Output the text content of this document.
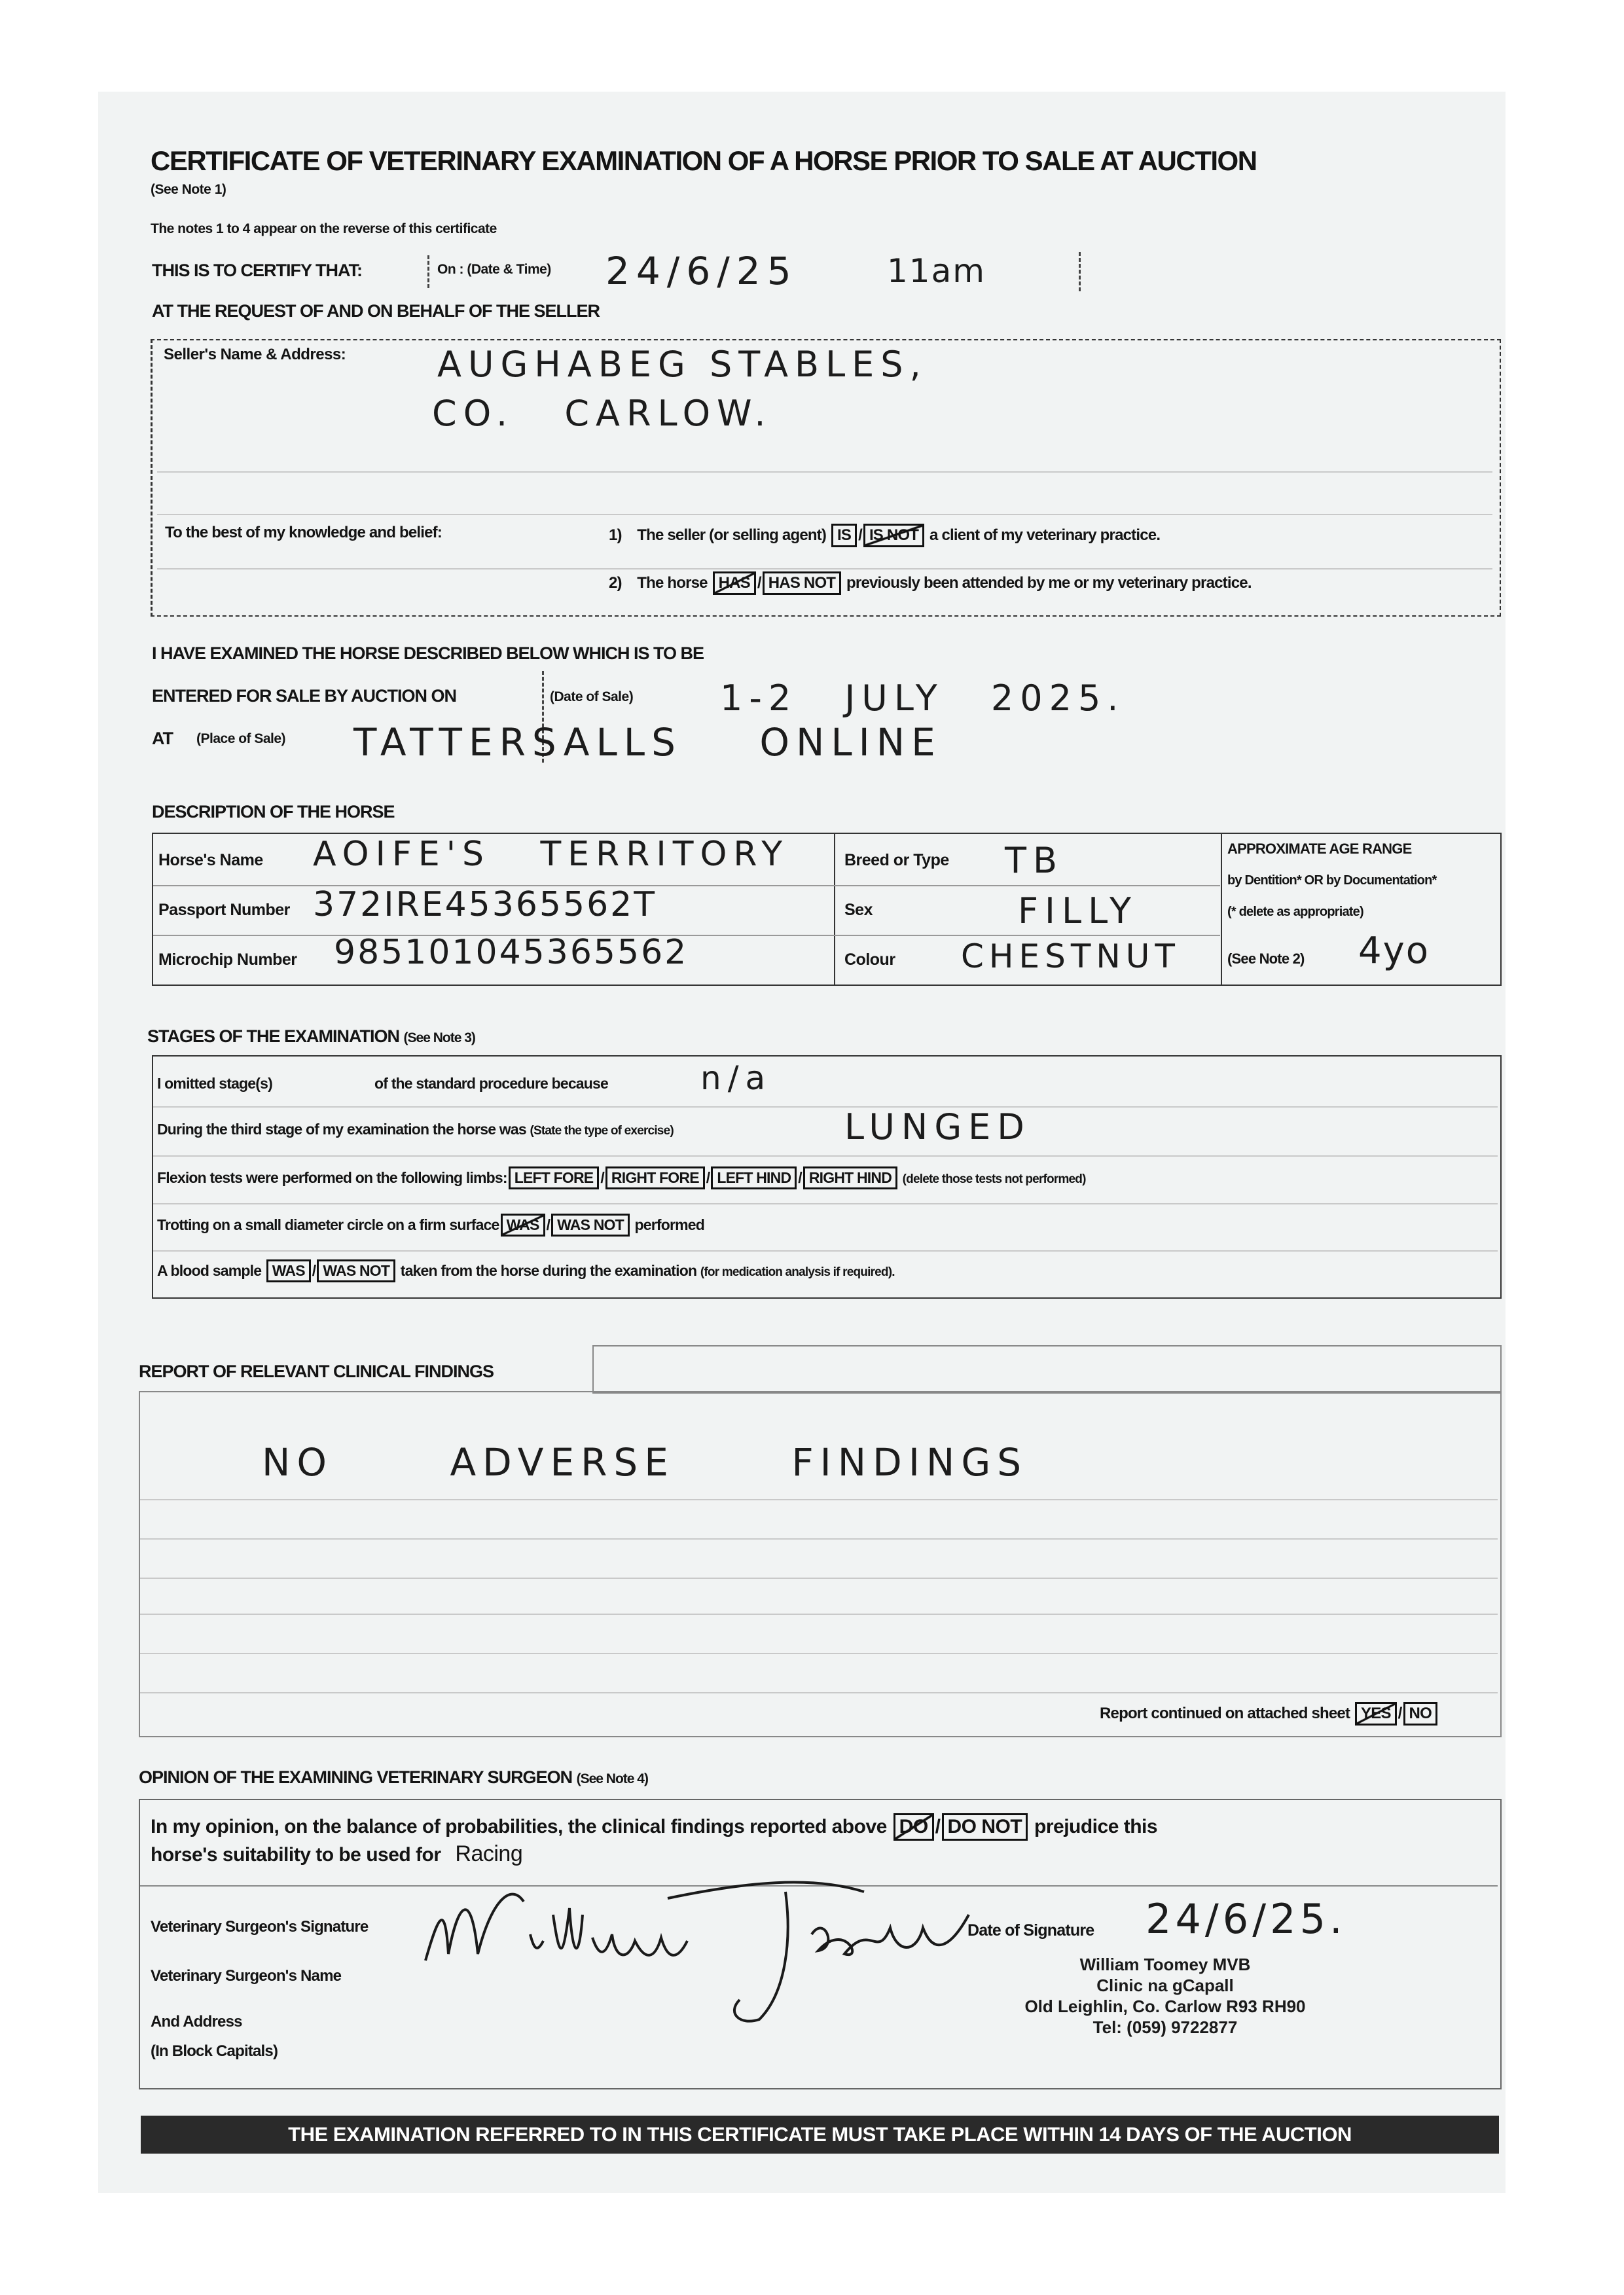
CERTIFICATE OF VETERINARY EXAMINATION OF A HORSE PRIOR TO SALE AT AUCTION
(See Note 1)
The notes 1 to 4 appear on the reverse of this certificate
THIS IS TO CERTIFY THAT:	On : (Date & Time) 24/6/25	11am
AT THE REQUEST OF AND ON BEHALF OF THE SELLER
Seller's Name & Address:	AUGHABEG STABLES,
CO. CARLOW.
To the best of my knowledge and belief:	1) The seller (or selling agent) IS / IS NOT a client of my veterinary practice.
2) The horse HAS / HAS NOT previously been attended by me or my veterinary practice.
I HAVE EXAMINED THE HORSE DESCRIBED BELOW WHICH IS TO BE
ENTERED FOR SALE BY AUCTION ON	(Date of Sale) 1-2 JULY 2025.
AT (Place of Sale) TATTERSALLS ONLINE
DESCRIPTION OF THE HORSE
Horse's Name AOIFE'S TERRITORY
Passport Number 372IRE45365562T
Microchip Number 985101045365562
Breed or Type TB
Sex	FILLY
Colour CHESTNUT
APPROXIMATE AGE RANGE
by Dentition* OR by Documentation*
(* delete as appropriate)
(See Note 2) 4yo
STAGES OF THE EXAMINATION (See Note 3)
I omitted stage(s)	of the standard procedure because	n/a
During the third stage of my examination the horse was (State the type of exercise)	LUNGED
Flexion tests were performed on the following limbs: LEFT FORE / RIGHT FORE / LEFT HIND / RIGHT HIND (delete those tests not performed)
Trotting on a small diameter circle on a firm surface WAS / WAS NOT performed
A blood sample WAS / WAS NOT taken from the horse during the examination (for medication analysis if required).
REPORT OF RELEVANT CLINICAL FINDINGS
NO ADVERSE FINDINGS
Report continued on attached sheet YES / NO
OPINION OF THE EXAMINING VETERINARY SURGEON (See Note 4)
In my opinion, on the balance of probabilities, the clinical findings reported above DO / DO NOT prejudice this
horse's suitability to be used for Racing
Veterinary Surgeon's Signature
Veterinary Surgeon's Name
And Address
(In Block Capitals)
Date of Signature 24/6/25.
William Toomey MVB
Clinic na gCapall
Old Leighlin, Co. Carlow R93 RH90
Tel: (059) 9722877
THE EXAMINATION REFERRED TO IN THIS CERTIFICATE MUST TAKE PLACE WITHIN 14 DAYS OF THE AUCTION
